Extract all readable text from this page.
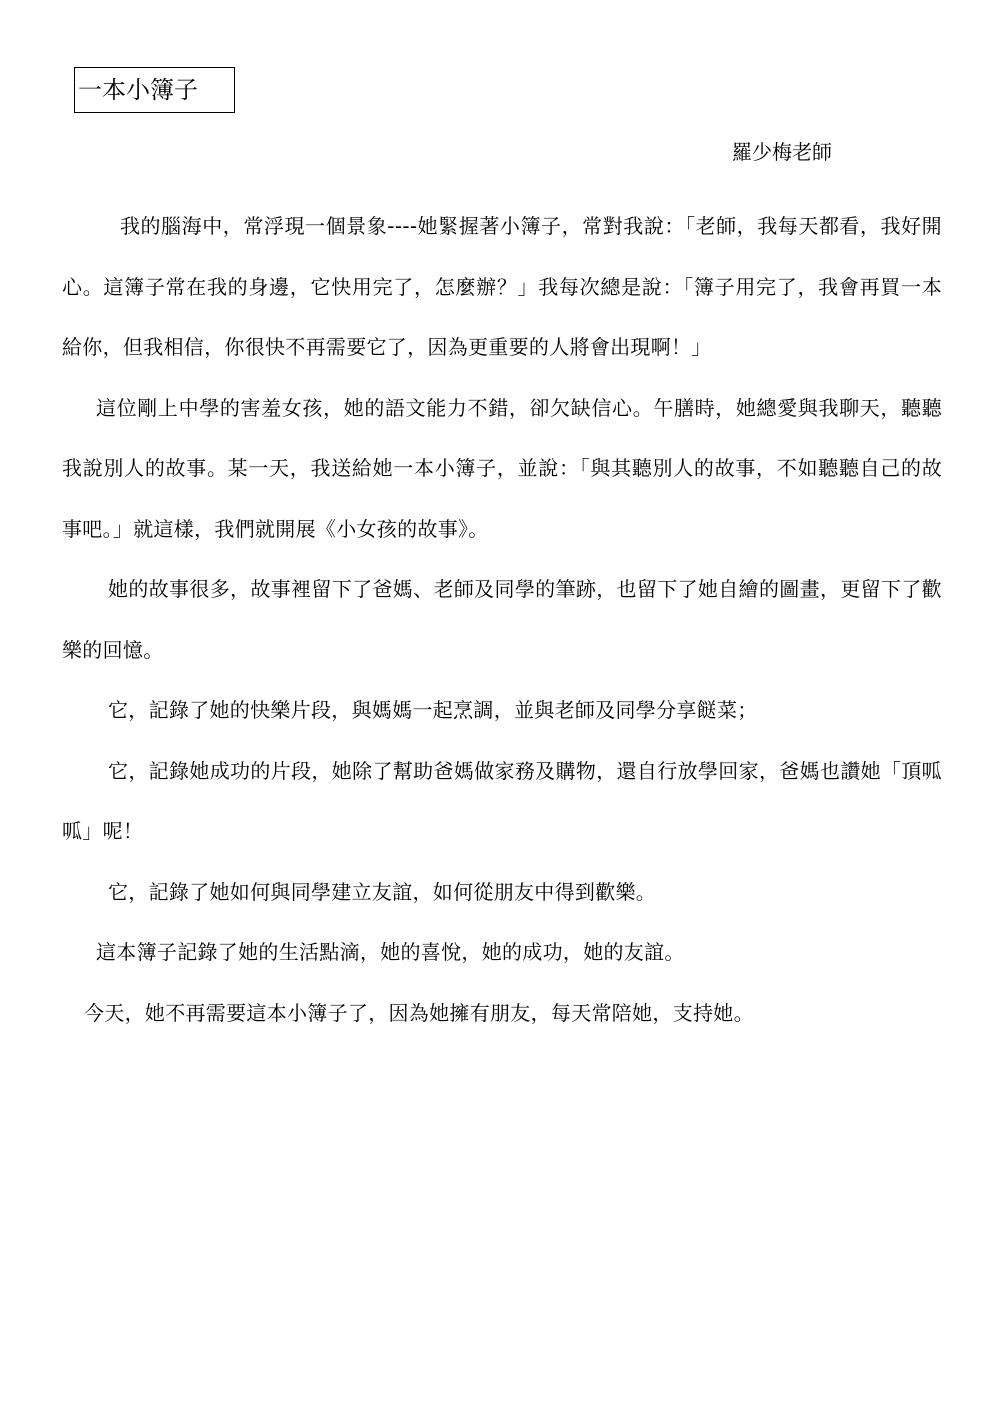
一本小簿子
羅少梅老師

我的腦海中，常浮現一個景象----她緊握著小簿子，常對我說：「老師，我每天都看，我好開心。這簿子常在我的身邊，它快用完了，怎麼辦？」我每次總是說：「簿子用完了，我會再買一本給你，但我相信，你很快不再需要它了，因為更重要的人將會出現啊！」

這位剛上中學的害羞女孩，她的語文能力不錯，卻欠缺信心。午膳時，她總愛與我聊天，聽聽我說別人的故事。某一天，我送給她一本小簿子，並說：「與其聽別人的故事，不如聽聽自己的故事吧。」就這樣，我們就開展《小女孩的故事》。

她的故事很多，故事裡留下了爸媽、老師及同學的筆跡，也留下了她自繪的圖畫，更留下了歡樂的回憶。

它，記錄了她的快樂片段，與媽媽一起烹調，並與老師及同學分享餸菜；

它，記錄她成功的片段，她除了幫助爸媽做家務及購物，還自行放學回家，爸媽也讚她「頂呱呱」呢！

它，記錄了她如何與同學建立友誼，如何從朋友中得到歡樂。

這本簿子記錄了她的生活點滴，她的喜悅，她的成功，她的友誼。

今天，她不再需要這本小簿子了，因為她擁有朋友，每天常陪她，支持她。
